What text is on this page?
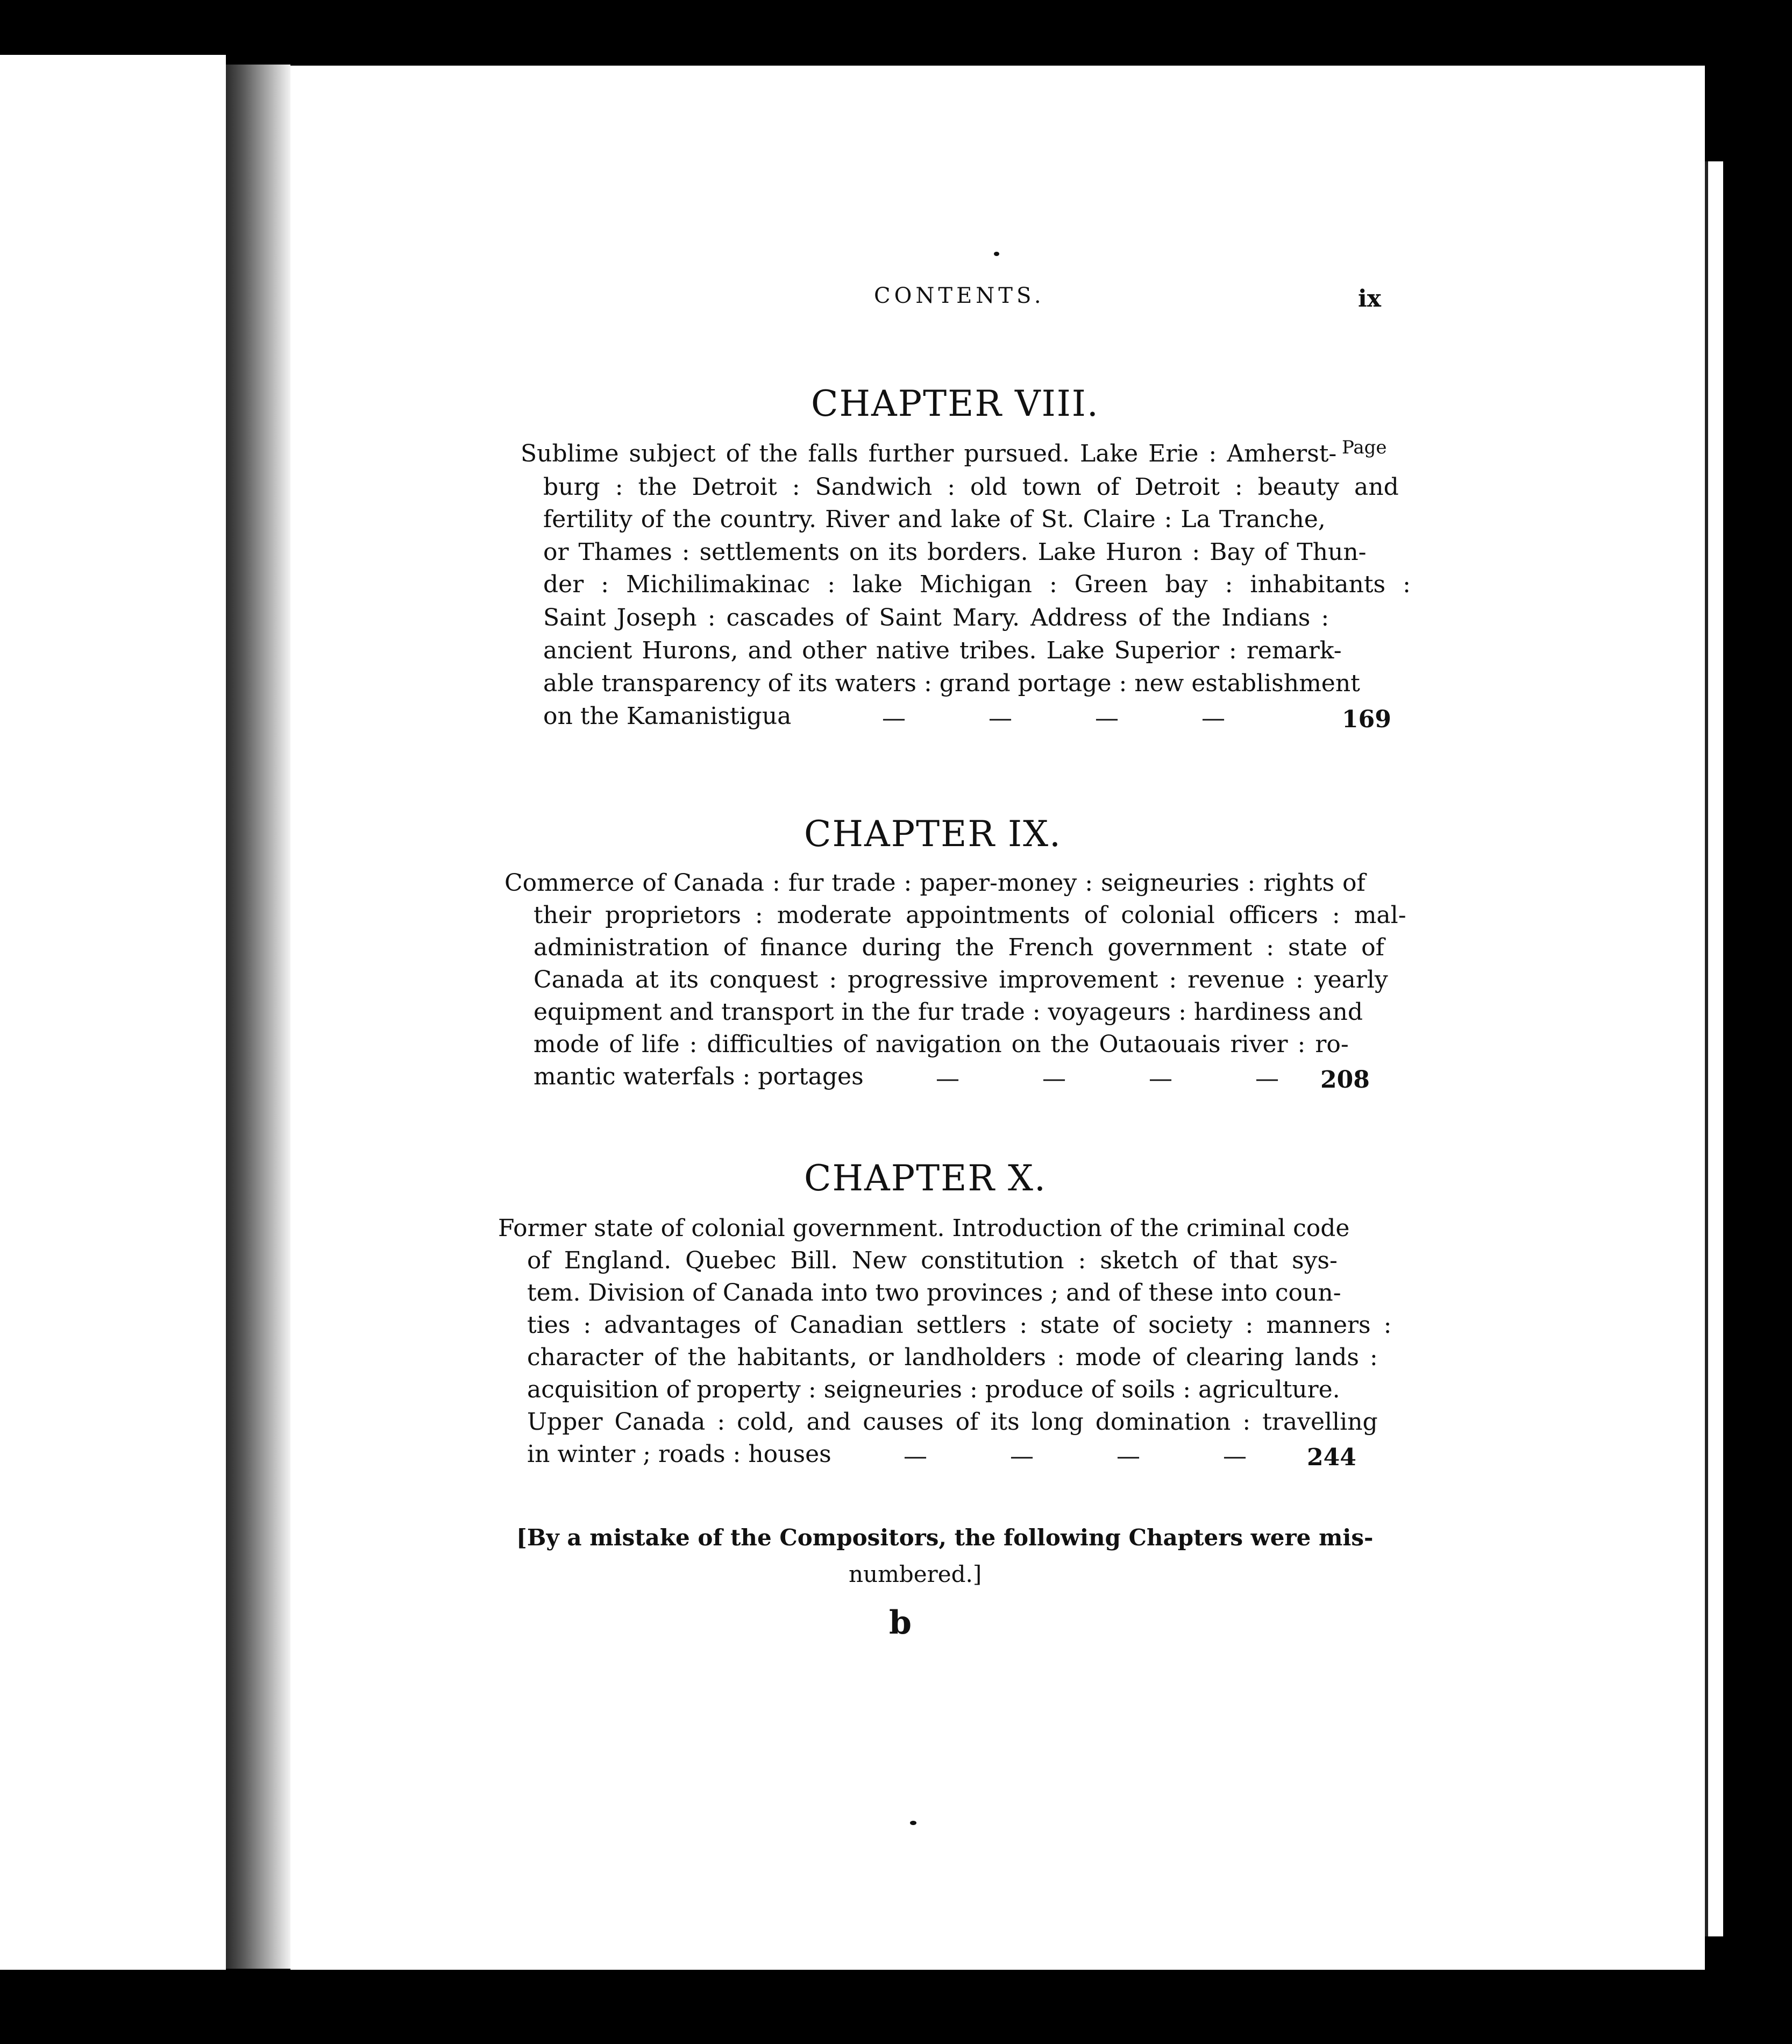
CONTENTS.	ix
CHAPTER VIII.
Page
Sublime subject of the falls further pursued. Lake Erie : Amherst-
burg : the Detroit : Sandwich : old town of Detroit : beauty and
fertility of the country. River and lake of St. Claire : La Tranche,
or Thames : settlements on its borders. Lake Huron : Bay of Thun-
der : Michilimakinac : lake Michigan : Green bay : inhabitants :
Saint Joseph : cascades of Saint Mary. Address of the Indians :
ancient Hurons, and other native tribes. Lake Superior : remark-
able transparency of its waters : grand portage : new establishment
on the Kamanistigua	— — — —	169
CHAPTER IX.
Commerce of Canada : fur trade : paper-money : seigneuries : rights of
their proprietors : moderate appointments of colonial officers : mal-
administration of finance during the French government : state of
Canada at its conquest : progressive improvement : revenue : yearly
equipment and transport in the fur trade : voyageurs : hardiness and
mode of life : difficulties of navigation on the Outaouais river : ro-
mantic waterfals : portages	— — — — 208
CHAPTER X.
Former state of colonial government. Introduction of the criminal code
of England. Quebec Bill. New constitution : sketch of that sys-
tem. Division of Canada into two provinces ; and of these into coun-
ties : advantages of Canadian settlers : state of society : manners :
character of the habitants, or landholders : mode of clearing lands :
acquisition of property : seigneuries : produce of soils : agriculture.
Upper Canada : cold, and causes of its long domination : travelling
in winter ; roads : houses	— — — —	244
[By a mistake of the Compositors, the following Chapters were mis-
numbered.]
b
